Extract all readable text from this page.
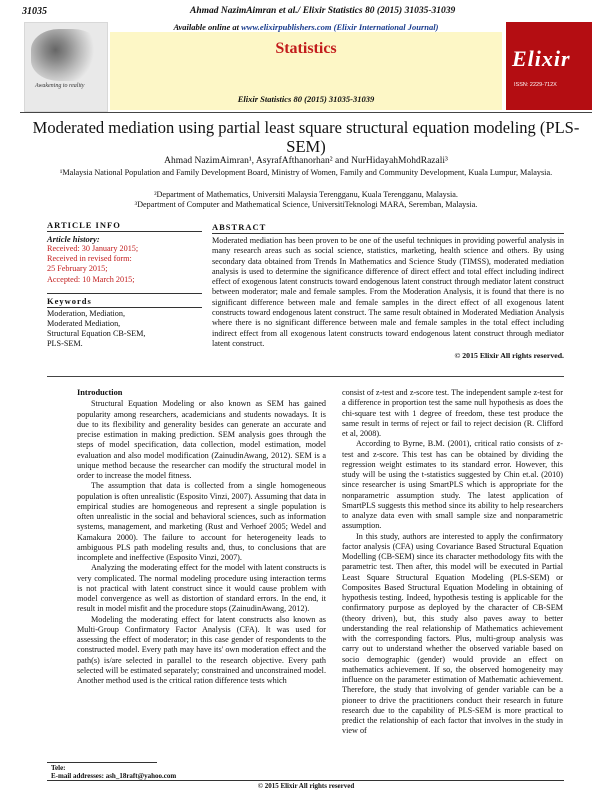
31035	Ahmad NazimAimran et al./ Elixir Statistics 80 (2015) 31035-31039
Awakening to reality
Available online at www.elixirpublishers.com (Elixir International Journal)
Statistics
Elixir Statistics 80 (2015) 31035-31039
Elixir
ISSN: 2229-712X
Moderated mediation using partial least square structural equation modeling (PLS-SEM)
Ahmad NazimAimran¹, AsyrafAfthanorhan² and NurHidayahMohdRazali³
¹Malaysia National Population and Family Development Board, Ministry of Women, Family and Community Development, Kuala Lumpur, Malaysia.
²Department of Mathematics, Universiti Malaysia Terengganu, Kuala Terengganu, Malaysia.
³Department of Computer and Mathematical Science, UniversitiTeknologi MARA, Seremban, Malaysia.
ARTICLE INFO
Article history:
Received: 30 January 2015;
Received in revised form:
25 February 2015;
Accepted: 10 March 2015;
Keywords
Moderation, Mediation,
Moderated Mediation,
Structural Equation CB-SEM,
PLS-SEM.
ABSTRACT
Moderated mediation has been proven to be one of the useful techniques in providing powerful analysis in many research areas such as social science, statistics, marketing, health science and others. By using secondary data obtained from Trends In Mathematics and Science Study (TIMSS), moderated mediation analysis is used to determine the significance difference of direct effect and total effect including indirect effect of exogenous latent constructs toward endogenous latent construct through mediator latent construct between moderator; male and female samples. From the Moderation Analysis, it is found that there is no significant difference between male and female samples in the direct effect of all exogenous latent constructs toward endogenous latent construct. The same result obtained in Moderated Mediation Analysis where there is no significant difference between male and female samples in the total effect including indirect effect from all exogenous latent constructs toward endogenous latent construct through mediator latent construct.
© 2015 Elixir All rights reserved.
Introduction

Structural Equation Modeling or also known as SEM has gained popularity among researchers, academicians and students nowadays. It is due to its flexibility and generality besides can generate an accurate and precise estimation in making prediction. SEM analysis goes through the steps of model specification, data collection, model estimation, model evaluation and also model modification (ZainudinAwang, 2012). SEM is a unique method because the researcher can modify the structural model in order to increase the model fitness.

The assumption that data is collected from a single homogeneous population is often unrealistic (Esposito Vinzi, 2007). Assuming that data in empirical studies are homogeneous and represent a single population is often unrealistic in the social and behavioral sciences, such as information systems, management, and marketing (Rust and Verhoef 2005; Wedel and Kamakura 2000). The failure to account for heterogeneity leads to ambiguous PLS path modeling results and, thus, to conclusions that are incomplete and ineffective (Esposito Vinzi, 2007).

Analyzing the moderating effect for the model with latent constructs is very complicated. The normal modeling procedure using interaction terms is not practical with latent construct since it would cause problem with model convergence as well as distortion of standard errors. In the end, it result in model misfit and the procedure stops (ZainudinAwang, 2012).

Modeling the moderating effect for latent constructs also known as Multi-Group Confirmatory Factor Analysis (CFA). It was used for assessing the effect of moderator; in this case gender of respondents to the constructed model. Every path may have its' own moderation effect and the path(s) is/are selected in parallel to the research objective. Every path selected will be estimated separately; constrained and unconstrained model. Another method used is the critical ration difference tests which

consist of z-test and z-score test. The independent sample z-test for a difference in proportion test the same null hypothesis as does the chi-square test with 1 degree of freedom, these test produce the same result in terms of reject or fail to reject decision (R. Clifford et al, 2008).

According to Byrne, B.M. (2001), critical ratio consists of z-test and z-score. This test has can be obtained by dividing the regression weight estimates to its standard error. However, this study will be using the t-statistics suggested by Chin et.al. (2010) since researcher is using SmartPLS which is appropriate for the nonparametric assumption study. The latest application of SmartPLS suggests this method since its ability to help researchers to analyze data even with small sample size and nonparametric assumption.

In this study, authors are interested to apply the confirmatory factor analysis (CFA) using Covariance Based Structural Equation Modelling (CB-SEM) since its character methodology fits with the parametric test. Then after, this model will be executed in Partial Least Square Structural Equation Modeling (PLS-SEM) or Composites Based Structural Equation Modeling in obtaining of hypothesis testing. Indeed, hypothesis testing is applicable for the confirmatory purpose as deployed by the character of CB-SEM (theory driven), but, this study also paves away to better understanding the real relationship of Mathematics achievement with the corresponding factors. Plus, multi-group analysis was carry out to understand whether the observed variable based on socio demographic (gender) would provide an effect on mathematics achievement. If so, the observed homogeneity may influence on the parameter estimation of Mathematic achievement. Therefore, the study that involving of gender variable can be a pioneer to drive the practitioners conduct their research in future research due to the capability of PLS-SEM is more practical to predict the relationship of each factor that involves in the study in view of

Tele:
E-mail addresses: ash_18raft@yahoo.com
© 2015 Elixir All rights reserved
